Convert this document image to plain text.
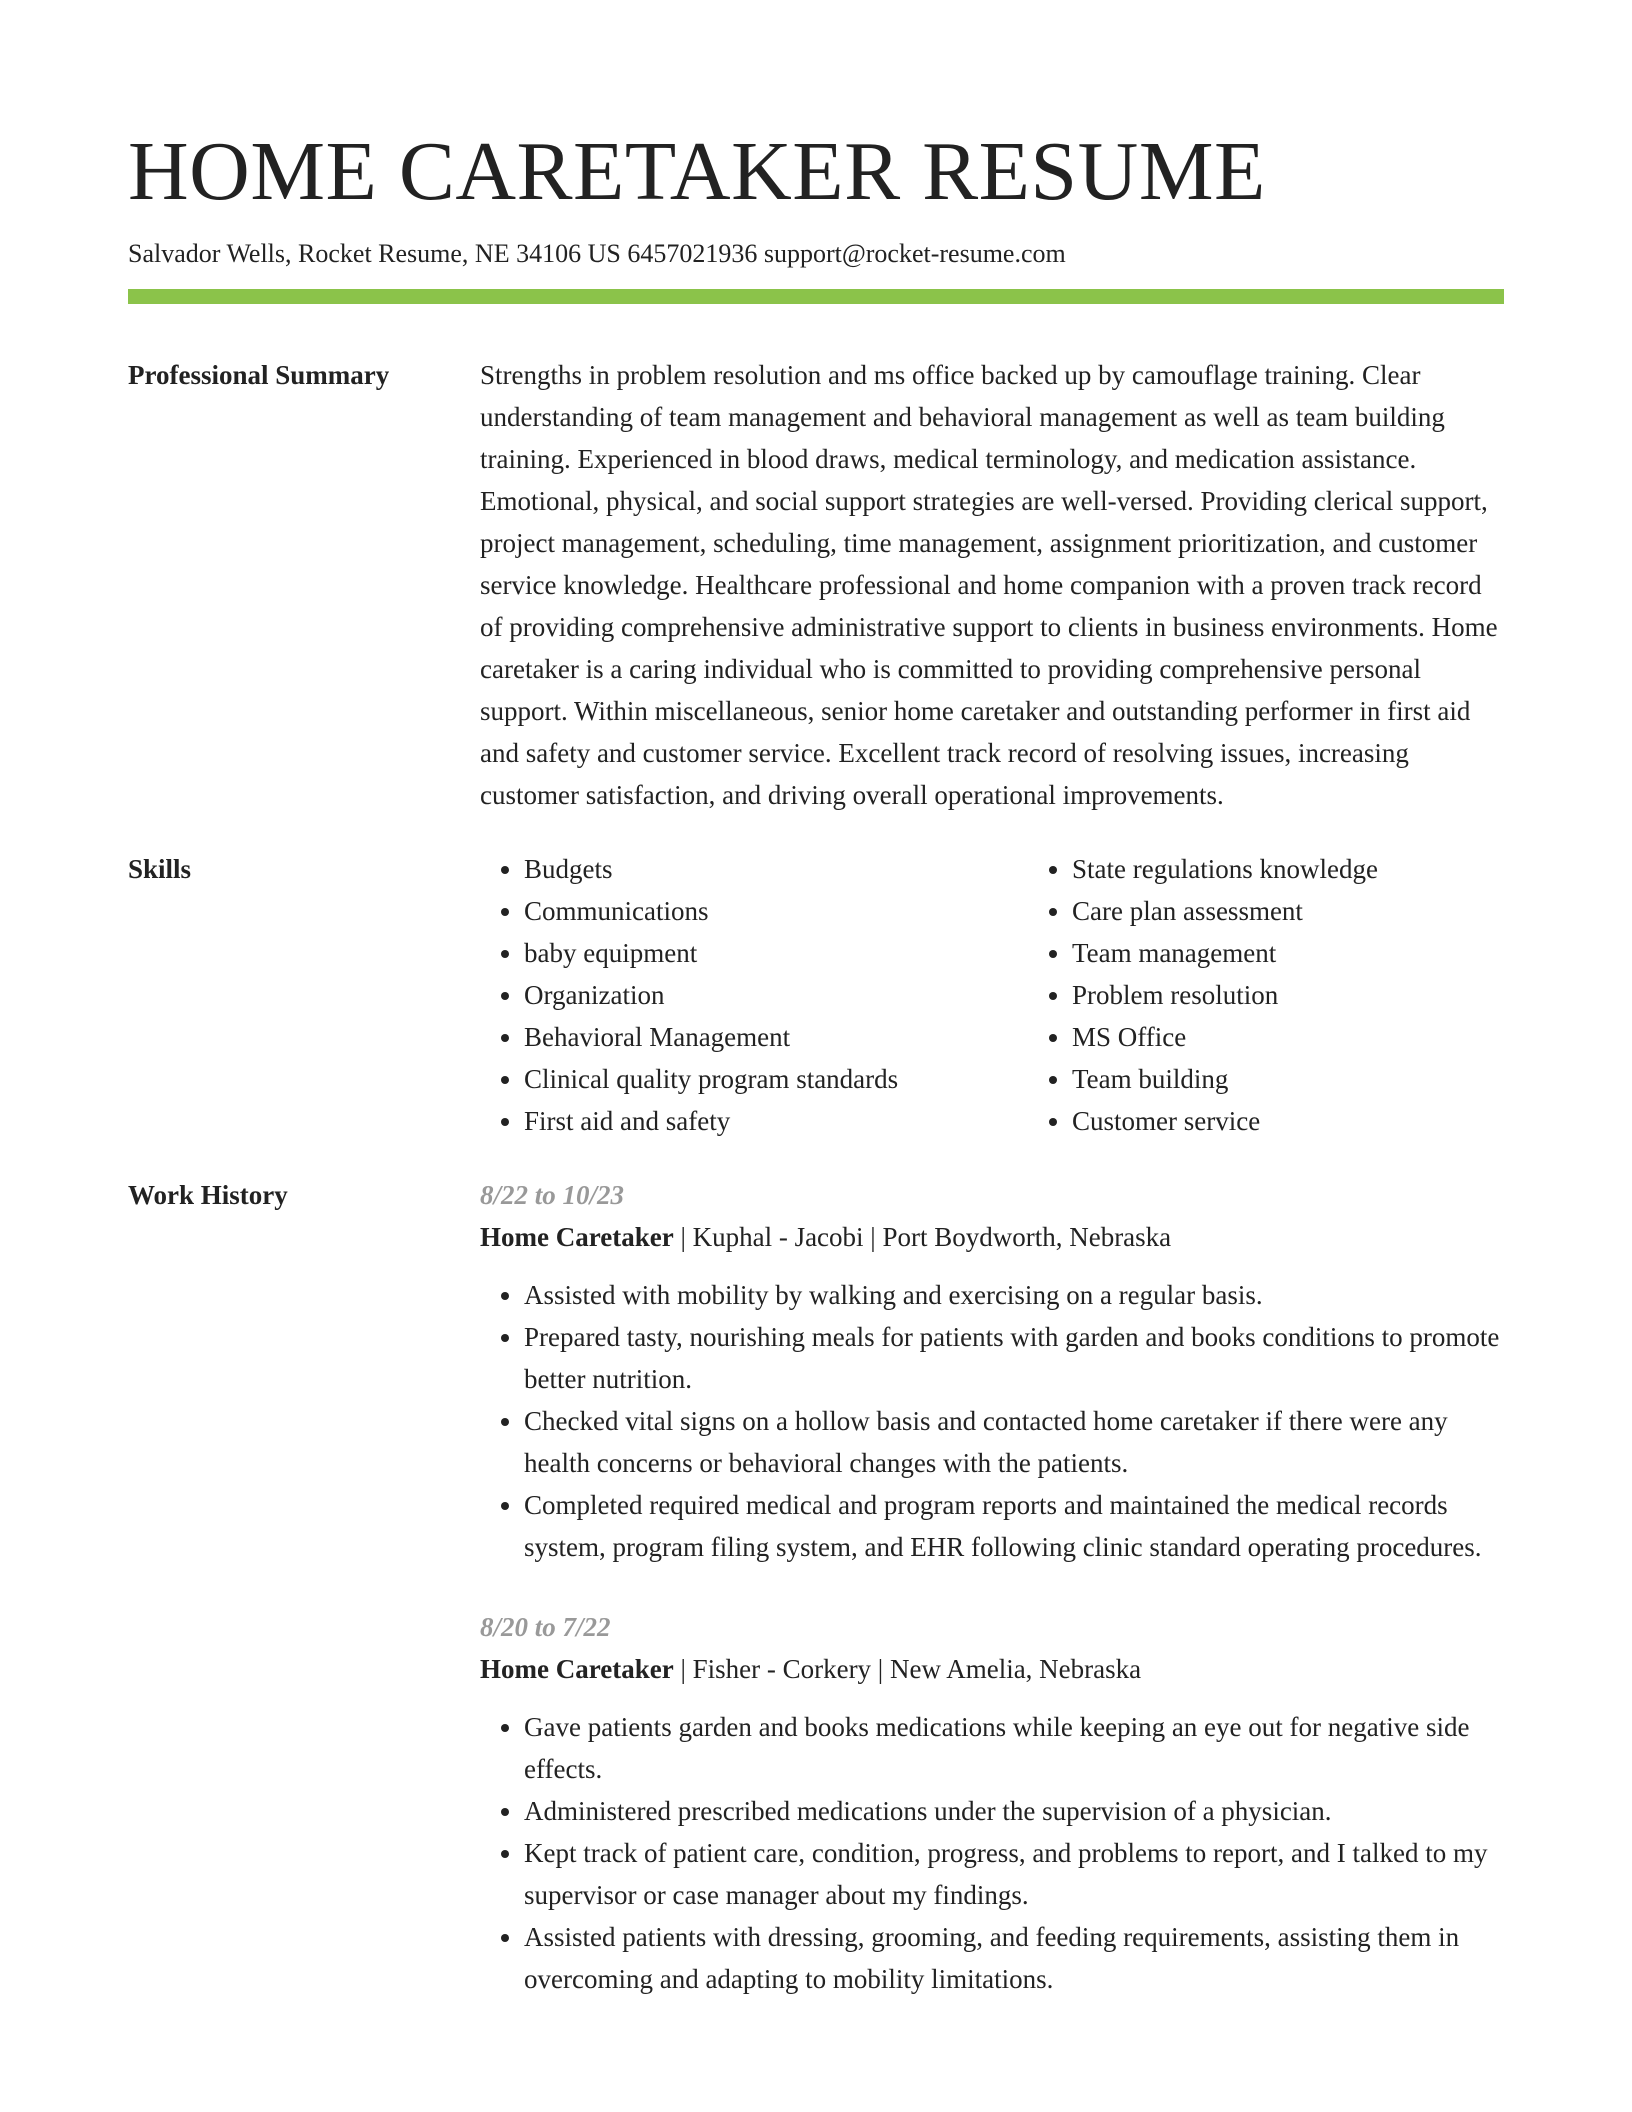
HOME CARETAKER RESUME
Salvador Wells, Rocket Resume, NE 34106 US 6457021936 support@rocket-resume.com
Professional Summary	Strengths in problem resolution and ms office backed up by camouflage training. Clear understanding of team management and behavioral management as well as team building training. Experienced in blood draws, medical terminology, and medication assistance. Emotional, physical, and social support strategies are well-versed. Providing clerical support, project management, scheduling, time management, assignment prioritization, and customer service knowledge. Healthcare professional and home companion with a proven track record of providing comprehensive administrative support to clients in business environments. Home caretaker is a caring individual who is committed to providing comprehensive personal support. Within miscellaneous, senior home caretaker and outstanding performer in first aid and safety and customer service. Excellent track record of resolving issues, increasing customer satisfaction, and driving overall operational improvements.

Skills
•	Budgets
• Communications
• baby equipment
• Organization
• Behavioral Management
• Clinical quality program standards
• First aid and safety
• State regulations knowledge
• Care plan assessment
• Team management
• Problem resolution
• MS Office
• Team building
• Customer service
Work History	8/22 to 10/23
Home Caretaker | Kuphal - Jacobi | Port Boydworth, Nebraska
• Assisted with mobility by walking and exercising on a regular basis.
• Prepared tasty, nourishing meals for patients with garden and books conditions to promote better nutrition.
• Checked vital signs on a hollow basis and contacted home caretaker if there were any health concerns or behavioral changes with the patients.
• Completed required medical and program reports and maintained the medical records system, program filing system, and EHR following clinic standard operating procedures.
8/20 to 7/22
Home Caretaker | Fisher - Corkery | New Amelia, Nebraska
• Gave patients garden and books medications while keeping an eye out for negative side effects.
• Administered prescribed medications under the supervision of a physician.
• Kept track of patient care, condition, progress, and problems to report, and I talked to my supervisor or case manager about my findings.
• Assisted patients with dressing, grooming, and feeding requirements, assisting them in overcoming and adapting to mobility limitations.
